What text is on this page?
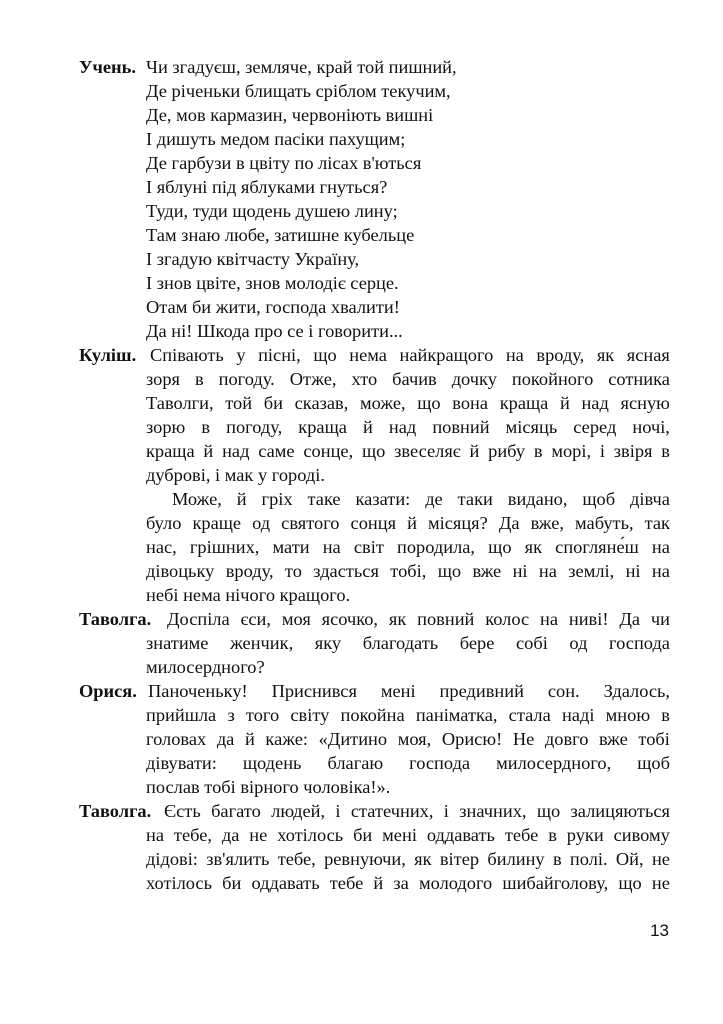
Учень. Чи згадуєш, земляче, край той пишний,
Де річеньки блищать сріблом текучим,
Де, мов кармазин, червоніють вишні
І дишуть медом пасіки пахущим;
Де гарбузи в цвіту по лісах в'ються
І яблуні під яблуками гнуться?
Туди, туди щодень душею лину;
Там знаю любе, затишне кубельце
І згадую квітчасту Україну,
І знов цвіте, знов молодіє серце.
Отам би жити, господа хвалити!
Да ні! Шкода про се і говорити...
Куліш. Співають у пісні, що нема найкращого на вроду, як ясная
зоря в погоду. Отже, хто бачив дочку покойного сотника
Таволги, той би сказав, може, що вона краща й над ясную
зорю в погоду, краща й над повний місяць серед ночі,
краща й над саме сонце, що звеселяє й рибу в морі, і звіря в
дуброві, і мак у городі.
Може, й гріх таке казати: де таки видано, щоб дівча
було краще од святого сонця й місяця? Да вже, мабуть, так
нас, грішних, мати на світ породила, що як спогляне́ш на
дівоцьку вроду, то здасться тобі, що вже ні на землі, ні на
небі нема нічого кращого.
Таволга. Доспіла єси, моя ясочко, як повний колос на ниві! Да чи
знатиме женчик, яку благодать бере собі од господа
милосердного?
Орися. Паноченьку! Приснився мені предивний сон. Здалось,
прийшла з того світу покойна паніматка, стала наді мною в
головах да й каже: «Дитино моя, Орисю! Не довго вже тобі
дівувати: щодень благаю господа милосердного, щоб
послав тобі вірного чоловіка!».
Таволга. Єсть багато людей, і статечних, і значних, що залицяються
на тебе, да не хотілось би мені оддавать тебе в руки сивому
дідові: зв'ялить тебе, ревнуючи, як вітер билину в полі. Ой, не
хотілось би оддавать тебе й за молодого шибайголову, що не
13
